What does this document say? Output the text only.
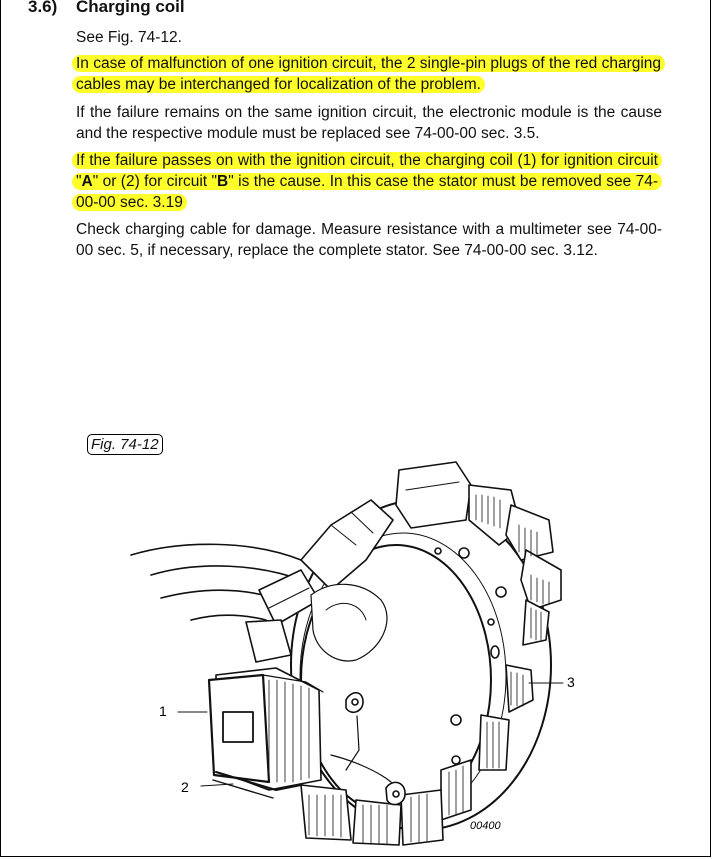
3.6) Charging coil

See Fig. 74-12.

In case of malfunction of one ignition circuit, the 2 single-pin plugs of the red charging cables may be interchanged for localization of the problem.

If the failure remains on the same ignition circuit, the electronic module is the cause and the respective module must be replaced see 74-00-00 sec. 3.5.

If the failure passes on with the ignition circuit, the charging coil (1) for ignition circuit "A" or (2) for circuit "B" is the cause. In this case the stator must be removed see 74-00-00 sec. 3.19

Check charging cable for damage. Measure resistance with a multimeter see 74-00-00 sec. 5, if necessary, replace the complete stator. See 74-00-00 sec. 3.12.

Fig. 74-12
1
2
3
00400
